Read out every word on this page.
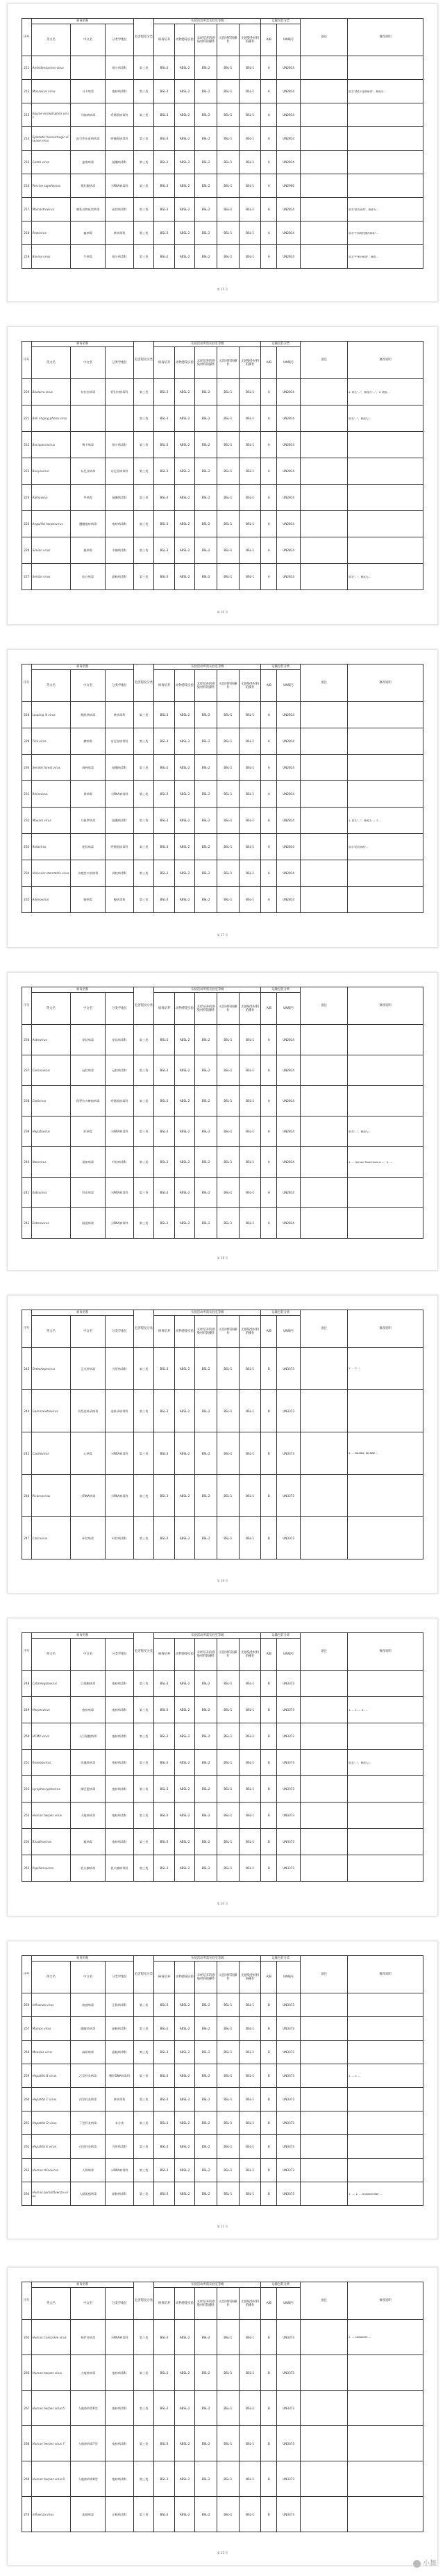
序号	病毒名称			危害程度分类	实验活动所需实验室等级					运输包装分类		备注	修改说明
	英文名	中文名	分类学地位		病毒培养	动物感染实验	未经培养的感染材料的操作	灭活材料的操作	无感染性材料的操作	A/B	UN编号		
211	Ambidensovirus virus		细小病毒科	第三类	BSL-2	ABSL-2	BSL-2	BSL-1	BSL-1	A	UN2814		
212	Macavirus virus	马卡病毒	疱疹病毒科	第三类	BSL-2	ABSL-2	BSL-2	BSL-1	BSL-1	A	UN2814		原名"恶性卡他热病毒"，修改为…
213	Equine encephalosis virus	马脑病病毒	呼肠孤病毒科	第三类	BSL-2	ABSL-2	BSL-2	BSL-1	BSL-1	A	UN2814		
214	Epizootic hemorrhagic disease virus	流行性出血病病毒	呼肠孤病毒科	第三类	BSL-2	ABSL-2	BSL-2	BSL-1	BSL-1	A	UN2814		
215	Getah virus	盖塔病毒	披膜病毒科	第三类	BSL-2	ABSL-2	BSL-2	BSL-1	BSL-1	A	UN2814		
216	Porcine sapelovirus	猪札幌病毒	小RNA病毒科	第三类	BSL-2	ABSL-2	BSL-2	BSL-1	BSL-1	A	UN2900		
217	Mamastrovirus	哺乳动物星状病毒	星状病毒科	第三类	BSL-2	ABSL-2	BSL-2	BSL-1	BSL-1	A	UN2814		原名"星状病毒"，修改为…
218	Pestivirus	瘟病毒	黄病毒科	第三类	BSL-2	ABSL-2	BSL-2	BSL-1	BSL-1	A	UN2814		原名"牛病毒性腹泻病毒"…
219	Bovine virus	牛病毒	细小病毒科	第三类	BSL-2	ABSL-2	BSL-2	BSL-1	BSL-1	A	UN2814		原名"牛细小病毒"，修改…
第 15 页
序号	病毒名称			危害程度分类	实验活动所需实验室等级					运输包装分类		备注	修改说明
	英文名	中文名	分类学地位		病毒培养	动物感染实验	未经培养的感染材料的操作	灭活材料的操作	无感染性材料的操作	A/B	UN编号		
220	Boolarra virus	布拉拉病毒	野田村病毒科	第三类	BSL-2	ABSL-2	BSL-2	BSL-1	BSL-1	A	UN2814		1. 原名"…"，修改为"…"。2. 增加…
221	Bell ringing pheno virus			第三类	BSL-2	ABSL-2	BSL-2	BSL-1	BSL-1	A	UN2814		原名"…"，修改为…
222	Bocaparvovirus	博卡病毒	细小病毒科	第三类	BSL-2	ABSL-2	BSL-2	BSL-1	BSL-1	A	UN2814		
223	Bunyavirus	布尼亚病毒	布尼亚病毒科	第三类	BSL-2	ABSL-2	BSL-2	BSL-1	BSL-1	A	UN2814		
224	Alphavirus	甲病毒	披膜病毒科	第三类	BSL-2	ABSL-2	BSL-2	BSL-1	BSL-1	A	UN2814		
225	Anguillid herpesvirus	鳗鲡疱疹病毒	疱疹病毒科	第三类	BSL-2	ABSL-2	BSL-2	BSL-1	BSL-1	A	UN2814		
226	Simian virus	猴病毒	多瘤病毒科	第三类	BSL-2	ABSL-2	BSL-2	BSL-1	BSL-1	A	UN2814		
227	Sendai virus	仙台病毒	副粘病毒科	第三类	BSL-2	ABSL-2	BSL-2	BSL-1	BSL-1	A	UN2814		原名"…"，修改为…
第 16 页
序号	病毒名称			危害程度分类	实验活动所需实验室等级					运输包装分类		备注	修改说明
	英文名	中文名	分类学地位		病毒培养	动物感染实验	未经培养的感染材料的操作	灭活材料的操作	无感染性材料的操作	A/B	UN编号		
228	Louping ill virus	跳跃病病毒	黄病毒科	第三类	BSL-2	ABSL-2	BSL-2	BSL-1	BSL-1	A	UN2814		
229	Tick virus	蜱病毒	布尼亚病毒科	第三类	BSL-2	ABSL-2	BSL-2	BSL-1	BSL-1	A	UN2814		
230	Semliki forest virus	森林病毒	披膜病毒科	第三类	BSL-2	ABSL-2	BSL-2	BSL-1	BSL-1	A	UN2814		
231	Rhinovirus	鼻病毒	小RNA病毒科	第三类	BSL-2	ABSL-2	BSL-2	BSL-1	BSL-1	A	UN2814		
232	Mayaro virus	马雅罗病毒	披膜病毒科	第三类	BSL-2	ABSL-2	BSL-2	BSL-1	BSL-1	A	UN2814		1. 原名"…"，修改为…；2. …
233	Rotavirus	轮状病毒	呼肠孤病毒科	第三类	BSL-2	ABSL-2	BSL-2	BSL-1	BSL-1	A	UN2814		原名"轮状病毒"…
234	Vesicular stomatitis virus	水疱性口炎病毒	弹状病毒科	第三类	BSL-2	ABSL-2	BSL-2	BSL-1	BSL-1	A	UN2814		
235	Adenovirus	腺病毒	腺病毒科	第三类	BSL-2	ABSL-2	BSL-2	BSL-1	BSL-1	A	UN2814		
第 17 页
序号	病毒名称			危害程度分类	实验活动所需实验室等级					运输包装分类		备注	修改说明
	英文名	中文名	分类学地位		病毒培养	动物感染实验	未经培养的感染材料的操作	灭活材料的操作	无感染性材料的操作	A/B	UN编号		
236	Astrovirus	星状病毒	星状病毒科	第三类	BSL-2	ABSL-2	BSL-2	BSL-1	BSL-1	A	UN2814		
237	Coronavirus	冠状病毒	冠状病毒科	第三类	BSL-2	ABSL-2	BSL-2	BSL-1	BSL-1	A	UN2814		
238	Coltivirus	科罗拉多蜱热病毒	呼肠孤病毒科	第三类	BSL-2	ABSL-2	BSL-2	BSL-1	BSL-1	A	UN2814		
239	Hepatovirus	肝病毒	小RNA病毒科	第三类	BSL-2	ABSL-2	BSL-2	BSL-1	BSL-1	A	UN2814		原名"…"，修改为…
240	Norovirus	诺如病毒	杯状病毒科	第三类	BSL-2	ABSL-2	BSL-2	BSL-1	BSL-1	A	UN2814		1. … Human Parechovirus …；2. …
241	Kobuvirus	科布病毒	小RNA病毒科	第三类	BSL-2	ABSL-2	BSL-2	BSL-1	BSL-1	A	UN2814		
242	Enterovirus	肠道病毒	小RNA病毒科	第三类	BSL-2	ABSL-2	BSL-2	BSL-1	BSL-1	A	UN2814		
第 18 页
序号	病毒名称			危害程度分类	实验活动所需实验室等级					运输包装分类		备注	修改说明
	英文名	中文名	分类学地位		病毒培养	动物感染实验	未经培养的感染材料的操作	灭活材料的操作	无感染性材料的操作	A/B	UN编号		
243	Orthohepevirus	正戊肝病毒	戊肝病毒科	第三类	BSL-2	ABSL-2	BSL-2	BSL-1	BSL-1	B	UN3373		1. … 2. …
244	Gammaretrovirus	丙型逆转录病毒	逆转录病毒科	第三类	BSL-2	ABSL-2	BSL-2	BSL-1	BSL-1	B	UN3373		
245	Cardiovirus	心病毒	小RNA病毒科	第三类	BSL-2	ABSL-2	BSL-2	BSL-1	BSL-1	B	UN3373		1. … BK-NB1; BK-NB2 …
246	Picornavirus	小RNA病毒	小RNA病毒科	第三类	BSL-2	ABSL-2	BSL-2	BSL-1	BSL-1	B	UN3373		
247	Calicivirus	杯状病毒	杯状病毒科	第三类	BSL-2	ABSL-2	BSL-2	BSL-1	BSL-1	B	UN3373		
第 19 页
序号	病毒名称			危害程度分类	实验活动所需实验室等级					运输包装分类		备注	修改说明
	英文名	中文名	分类学地位		病毒培养	动物感染实验	未经培养的感染材料的操作	灭活材料的操作	无感染性材料的操作	A/B	UN编号		
248	Cytomegalovirus	巨细胞病毒	疱疹病毒科	第三类	BSL-2	ABSL-2	BSL-2	BSL-1	BSL-1	B	UN3373		
249	Herpesvirus	疱疹病毒	疱疹病毒科	第三类	BSL-2	ABSL-2	BSL-2	BSL-1	BSL-1	B	UN3373		1. … 2. … 3. …
250	HCMV virus	人巨细胞病毒	疱疹病毒科	第三类	BSL-2	ABSL-2	BSL-2	BSL-1	BSL-1	B	UN3373		
251	Roseolovirus	玫瑰疹病毒	疱疹病毒科	第三类	BSL-2	ABSL-2	BSL-2	BSL-1	BSL-1	B	UN3373		原名"…"，修改为…
252	Lymphocryptovirus	淋巴隐病毒	疱疹病毒科	第三类	BSL-2	ABSL-2	BSL-2	BSL-1	BSL-1	B	UN3373		
253	Human herpes virus	人疱疹病毒	疱疹病毒科	第三类	BSL-2	ABSL-2	BSL-2	BSL-1	BSL-1	B	UN3373		
254	Rhadinovirus	猴病毒	疱疹病毒科	第三类	BSL-2	ABSL-2	BSL-2	BSL-1	BSL-1	B	UN3373		
255	Papillomavirus	乳头瘤病毒	乳头瘤病毒科	第三类	BSL-2	ABSL-2	BSL-2	BSL-1	BSL-1	B	UN3373		
第 20 页
序号	病毒名称			危害程度分类	实验活动所需实验室等级					运输包装分类		备注	修改说明
	英文名	中文名	分类学地位		病毒培养	动物感染实验	未经培养的感染材料的操作	灭活材料的操作	无感染性材料的操作	A/B	UN编号		
256	Influenza virus	流感病毒	正粘病毒科	第三类	BSL-2	ABSL-2	BSL-2	BSL-1	BSL-1	B	UN3373		
257	Mumps virus	腮腺炎病毒	副粘病毒科	第三类	BSL-2	ABSL-2	BSL-2	BSL-1	BSL-1	B	UN3373		
258	Measles virus	麻疹病毒	副粘病毒科	第三类	BSL-2	ABSL-2	BSL-2	BSL-1	BSL-1	B	UN3373		
259	Hepatitis B virus	乙型肝炎病毒	嗜肝DNA病毒科	第三类	BSL-2	ABSL-2	BSL-2	BSL-1	BSL-1	B	UN3373		1. … 2. …
260	Hepatitis C virus	丙型肝炎病毒	黄病毒科	第三类	BSL-2	ABSL-2	BSL-2	BSL-1	BSL-1	B	UN3373		
261	Hepatitis D virus	丁型肝炎病毒	未分类	第三类	BSL-2	ABSL-2	BSL-2	BSL-1	BSL-1	B	UN3373		
262	Hepatitis E virus	戊型肝炎病毒	戊肝病毒科	第三类	BSL-2	ABSL-2	BSL-2	BSL-1	BSL-1	B	UN3373		
263	Human rhinovirus	人鼻病毒	小RNA病毒科	第三类	BSL-2	ABSL-2	BSL-2	BSL-1	BSL-1	B	UN3373		
264	Human parainfluenza virus	人副流感病毒	副粘病毒科	第三类	BSL-2	ABSL-2	BSL-2	BSL-1	BSL-1	B	UN3373		1. …; 2. … Anelloviridae …
第 21 页
序号	病毒名称			危害程度分类	实验活动所需实验室等级					运输包装分类		备注	修改说明
	英文名	中文名	分类学地位		病毒培养	动物感染实验	未经培养的感染材料的操作	灭活材料的操作	无感染性材料的操作	A/B	UN编号		
265	Human Coxsackie virus	柯萨奇病毒	小RNA病毒科	第三类	BSL-2	ABSL-2	BSL-2	BSL-1	BSL-1	B	UN3373		1. … Coxsackie …
266	Human herpes virus	人疱疹病毒	疱疹病毒科	第三类	BSL-2	ABSL-2	BSL-2	BSL-1	BSL-1	B	UN3373		
267	Human herpes virus 6	人疱疹病毒6型	疱疹病毒科	第三类	BSL-2	ABSL-2	BSL-2	BSL-1	BSL-1	B	UN3373		
268	Human herpes virus 7	人疱疹病毒7型	疱疹病毒科	第三类	BSL-2	ABSL-2	BSL-2	BSL-1	BSL-1	B	UN3373		
269	Human herpes virus 8	人疱疹病毒8型	疱疹病毒科	第三类	BSL-2	ABSL-2	BSL-2	BSL-1	BSL-1	B	UN3373		
270	Influenza virus	流感病毒	正粘病毒科	第三类	BSL-2	ABSL-2	BSL-2	BSL-1	BSL-1	B	UN3373		
第 22 页
小舞
